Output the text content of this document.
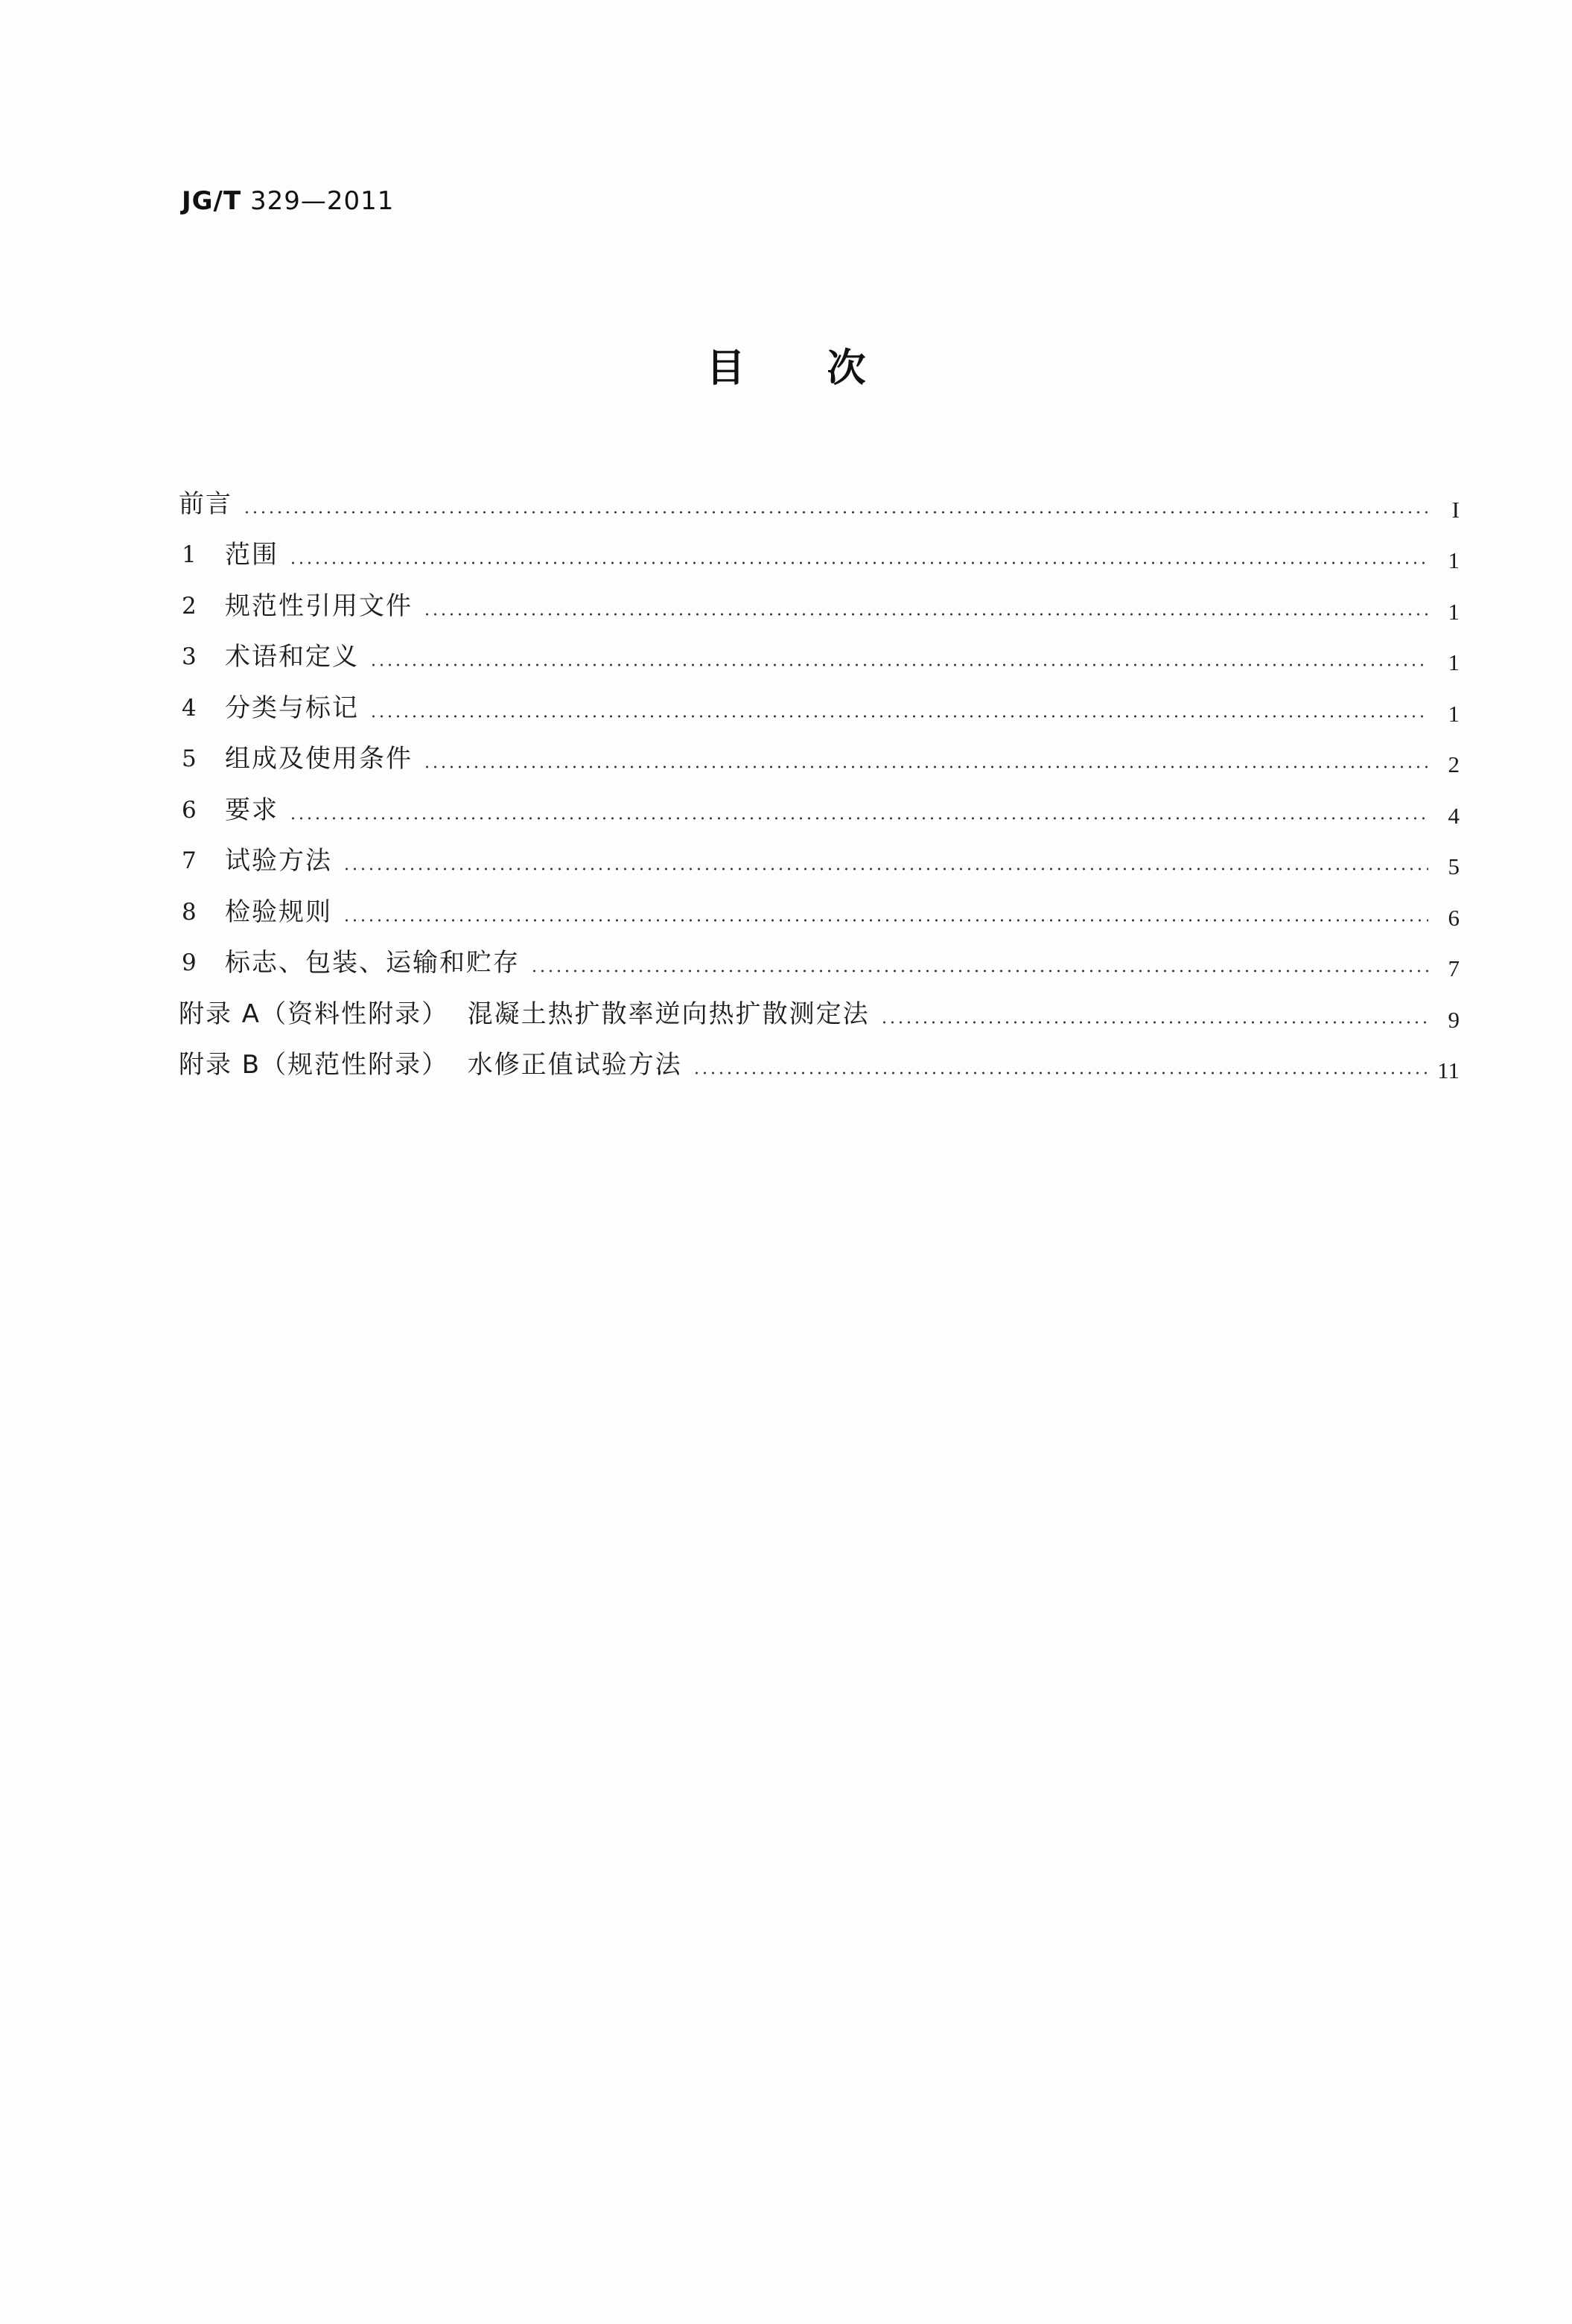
JG/T 329—2011
目次
前言	I
1	范围	1
2	规范性引用文件	1
3	术语和定义	1
4	分类与标记	1
5	组成及使用条件	2
6	要求	4
7	试验方法	5
8	检验规则	6
9	标志、包装、运输和贮存	7
附录 A（资料性附录）  混凝土热扩散率逆向热扩散测定法	9
附录 B（规范性附录）  水修正值试验方法	11
